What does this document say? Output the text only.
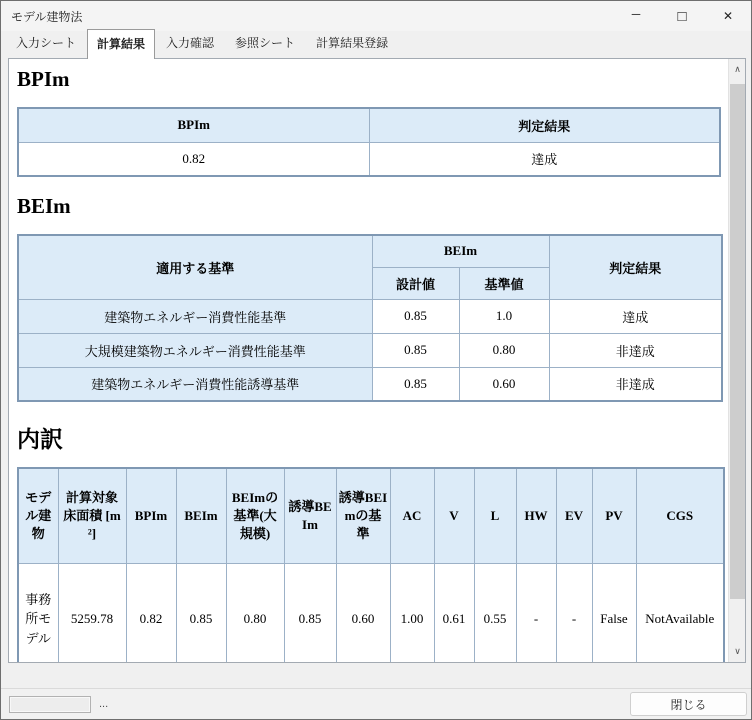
モデル建物法	─ □	✕
入力シート	計算結果	入力確認	参照シート	計算結果登録
BPIm
BPIm	判定結果
0.82	達成
BEIm
適用する基準	BEIm		判定結果
	設計値	基準値	
建築物エネルギー消費性能基準	0.85	1.0	達成
大規模建築物エネルギー消費性能基準	0.85	0.80	非達成
建築物エネルギー消費性能誘導基準	0.85	0.60	非達成
内訳
モデル建物	計算対象床面積 [m²]	BPIm	BEIm	BEImの基準(大規模)	誘導BEIm	誘導BEImの基準	AC	V	L	HW	EV	PV	CGS
事務所モデル	5259.78	0.82	0.85	0.80	0.85	0.60	1.00	0.61	0.55	-	-	False	NotAvailable
∧
∨
...	閉じる
